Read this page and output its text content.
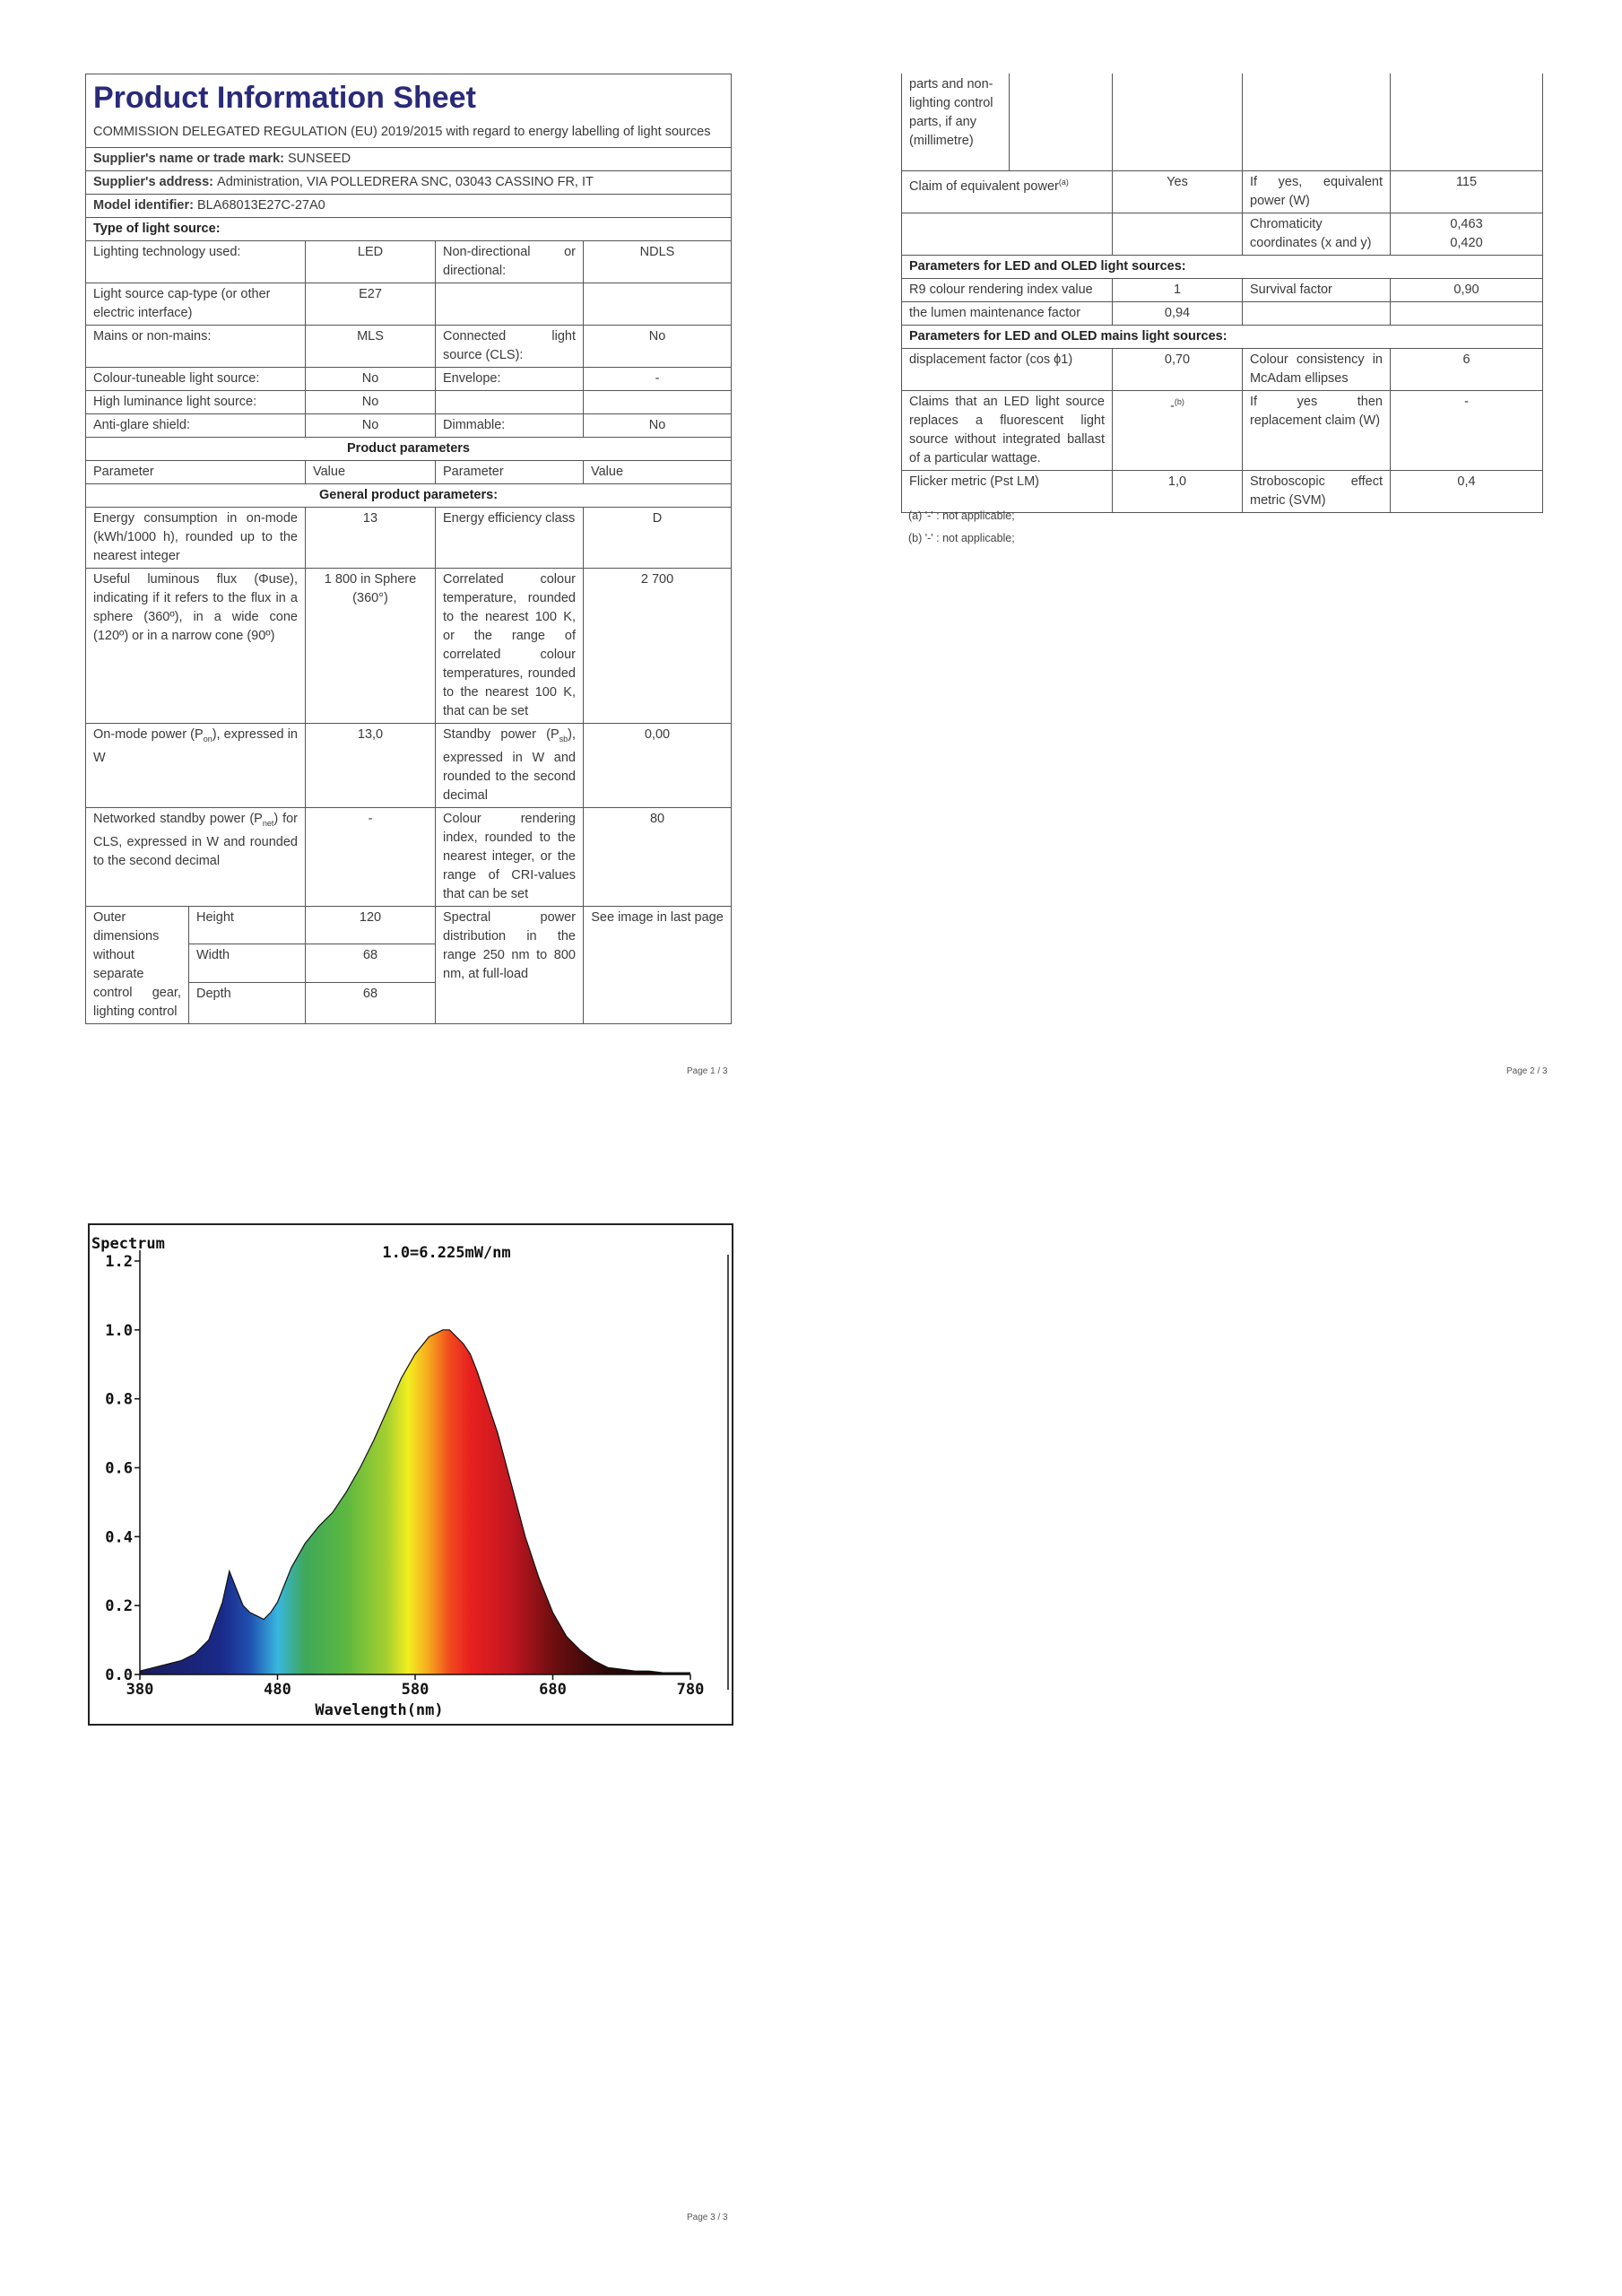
Product Information Sheet
COMMISSION DELEGATED REGULATION (EU) 2019/2015 with regard to energy labelling of light sources				

Supplier's name or trade mark: SUNSEED				
Supplier's address: Administration, VIA POLLEDRERA SNC, 03043 CASSINO FR, IT				
Model identifier: BLA68013E27C-27A0				
Type of light source:				
Lighting technology used:		LED	Non-directional or directional:	NDLS
Light source cap-type (or other electric interface)		E27		
Mains or non-mains:		MLS	Connected light source (CLS):	No
Colour-tuneable light source:		No	Envelope:	-
High luminance light source:		No		
Anti-glare shield:		No	Dimmable:	No
Product parameters				
Parameter		Value	Parameter	Value
General product parameters:				
Energy consumption in on-mode (kWh/1000 h), rounded up to the nearest integer		13	Energy efficiency class	D
Useful luminous flux (Φuse), indicating if it refers to the flux in a sphere (360º), in a wide cone (120º) or in a narrow cone (90º)		1 800 in Sphere (360°)	Correlated colour temperature, rounded to the nearest 100 K, or the range of correlated colour temperatures, rounded to the nearest 100 K, that can be set	2 700
On-mode power $(P_{on})$, expressed in W		13,0	Standby power $(P_{sb})$, expressed in W and rounded to the second decimal	0,00
Networked standby power $(P_{net})$ for CLS, expressed in W and rounded to the second decimal		-	Colour rendering index, rounded to the nearest integer, or the range of CRI-values that can be set	80
Outer dimensions without separate control gear, lighting control	Height	120	Spectral power distribution in the range 250 nm to 800 nm, at full-load	See image in last page
	Width	68		
	Depth	68		
Page 1 / 3
parts and non-lighting control parts, if any (millimetre)				
Claim of equivalent power$^{(a)}$		Yes	If yes, equivalent power (W)	115
			Chromaticity coordinates (x and y)	0,463
0,420

Parameters for LED and OLED light sources:				
R9 colour rendering index value		1	Survival factor	0,90
the lumen maintenance factor		0,94		
Parameters for LED and OLED mains light sources:				
displacement factor (cos ϕ1)		0,70	Colour consistency in McAdam ellipses	6
Claims that an LED light source replaces a fluorescent light source without integrated ballast of a particular wattage.		-$^{(b)}$	If yes then replacement claim (W)	-
Flicker metric (Pst LM)		1,0	Stroboscopic effect metric (SVM)	0,4
(a) '-' : not applicable;
(b) '-' : not applicable;
Page 2 / 3
0.0
0.2
0.4
0.6
0.8
1.0
1.2
380	480	580	680	780
Spectrum	1.0=6.225mW/nm
Wavelength(nm)
Page 3 / 3
